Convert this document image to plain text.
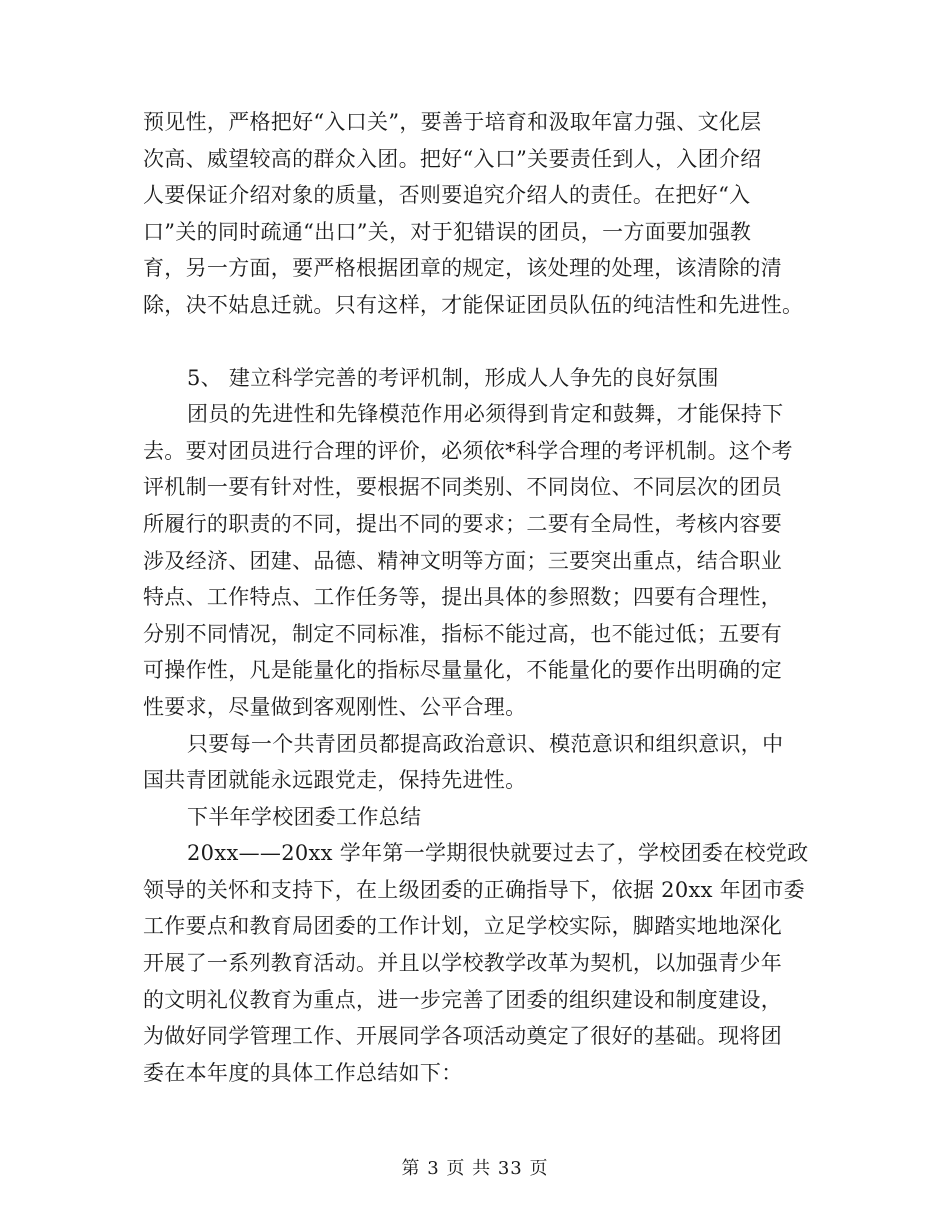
预见性，严格把好“入口关”，要善于培育和汲取年富力强、文化层
次高、威望较高的群众入团。把好“入口”关要责任到人，入团介绍
人要保证介绍对象的质量，否则要追究介绍人的责任。在把好“入
口”关的同时疏通“出口”关，对于犯错误的团员，一方面要加强教
育，另一方面，要严格根据团章的规定，该处理的处理，该清除的清
除，决不姑息迁就。只有这样，才能保证团员队伍的纯洁性和先进性。
5、 建立科学完善的考评机制，形成人人争先的良好氛围
团员的先进性和先锋模范作用必须得到肯定和鼓舞，才能保持下
去。要对团员进行合理的评价，必须依*科学合理的考评机制。这个考
评机制一要有针对性，要根据不同类别、不同岗位、不同层次的团员
所履行的职责的不同，提出不同的要求；二要有全局性，考核内容要
涉及经济、团建、品德、精神文明等方面；三要突出重点，结合职业
特点、工作特点、工作任务等，提出具体的参照数；四要有合理性，
分别不同情况，制定不同标准，指标不能过高，也不能过低；五要有
可操作性，凡是能量化的指标尽量量化，不能量化的要作出明确的定
性要求，尽量做到客观刚性、公平合理。
只要每一个共青团员都提高政治意识、模范意识和组织意识，中
国共青团就能永远跟党走，保持先进性。
下半年学校团委工作总结
20xx——20xx 学年第一学期很快就要过去了，学校团委在校党政
领导的关怀和支持下，在上级团委的正确指导下，依据 20xx 年团市委
工作要点和教育局团委的工作计划，立足学校实际，脚踏实地地深化
开展了一系列教育活动。并且以学校教学改革为契机，以加强青少年
的文明礼仪教育为重点，进一步完善了团委的组织建设和制度建设，
为做好同学管理工作、开展同学各项活动奠定了很好的基础。现将团
委在本年度的具体工作总结如下：
第 3 页 共 33 页
